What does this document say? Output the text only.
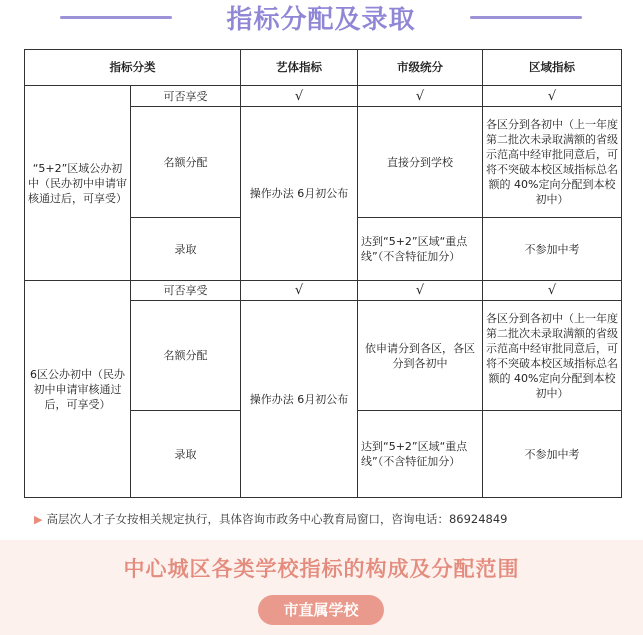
指标分配及录取
指标分类		艺体指标	市级统分	区域指标
“5+2”区域公办初中（民办初中申请审核通过后，可享受）	可否享受	√	√	√
	名额分配	操作办法 6月初公布	直接分到学校	各区分到各初中（上一年度第二批次未录取满额的省级示范高中经审批同意后，可将不突破本校区域指标总名额的 40%定向分配到本校初中）
	录取		达到“5+2”区域“重点线”（不含特征加分）	不参加中考
6区公办初中（民办初中申请审核通过后，可享受）	可否享受	√	√	√
	名额分配	操作办法 6月初公布	依申请分到各区，各区分到各初中	各区分到各初中（上一年度第二批次未录取满额的省级示范高中经审批同意后，可将不突破本校区域指标总名额的 40%定向分配到本校初中）
	录取		达到“5+2”区域“重点线”（不含特征加分）	不参加中考
▶ 高层次人才子女按相关规定执行，具体咨询市政务中心教育局窗口，咨询电话：86924849
中心城区各类学校指标的构成及分配范围
市直属学校
